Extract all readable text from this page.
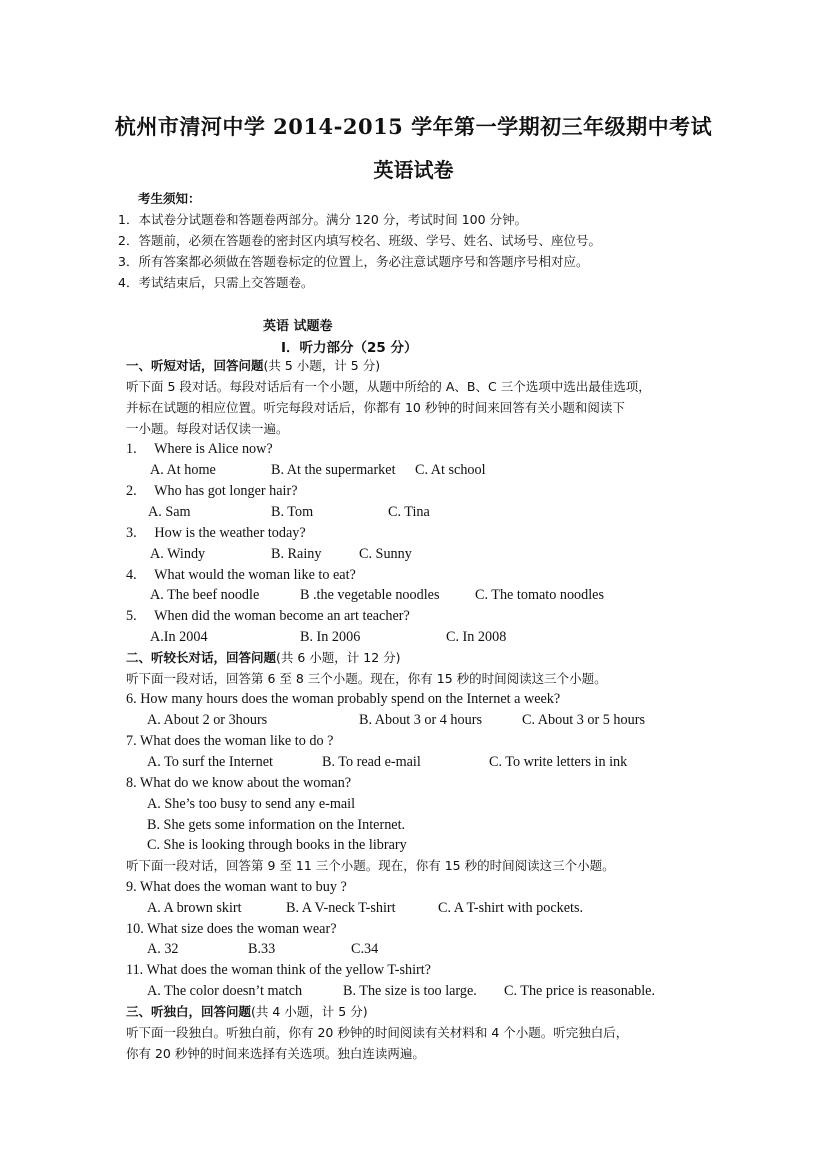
杭州市清河中学 2014-2015 学年第一学期初三年级期中考试
英语试卷
考生须知：
1．本试卷分试题卷和答题卷两部分。满分 120 分，考试时间 100 分钟。
2．答题前，必须在答题卷的密封区内填写校名、班级、学号、姓名、试场号、座位号。
3．所有答案都必须做在答题卷标定的位置上，务必注意试题序号和答题序号相对应。
4．考试结束后，只需上交答题卷。
英语 试题卷
I．听力部分（25 分）
一、听短对话，回答问题(共 5 小题，计 5 分)
听下面 5 段对话。每段对话后有一个小题，从题中所给的 A、B、C 三个选项中选出最佳选项，
并标在试题的相应位置。听完每段对话后，你都有 10 秒钟的时间来回答有关小题和阅读下
一小题。每段对话仅读一遍。
1.     Where is Alice now?
A. At home	B. At the supermarket C. At school
2.     Who has got longer hair?
A. Sam	B. Tom	C. Tina
3.     How is the weather today?
A. Windy	B. Rainy	C. Sunny
4.     What would the woman like to eat?
A. The beef noodle	B .the vegetable noodles	C. The tomato noodles
5.     When did the woman become an art teacher?
A.In 2004	B. In 2006	C. In 2008
二、听较长对话，回答问题(共 6 小题，计 12 分)
听下面一段对话，回答第 6 至 8 三个小题。现在，你有 15 秒的时间阅读这三个小题。
6. How many hours does the woman probably spend on the Internet a week?
A. About 2 or 3hours	B. About 3 or 4 hours	C. About 3 or 5 hours
7. What does the woman like to do ?
A. To surf the Internet	B. To read e-mail	C. To write letters in ink
8. What do we know about the woman?
A. She’s too busy to send any e-mail
B. She gets some information on the Internet.
C. She is looking through books in the library
听下面一段对话，回答第 9 至 11 三个小题。现在，你有 15 秒的时间阅读这三个小题。
9. What does the woman want to buy ?
A. A brown skirt	B. A V-neck T-shirt	C. A T-shirt with pockets.
10. What size does the woman wear?
A. 32	B.33	C.34
11. What does the woman think of the yellow T-shirt?
A. The color doesn’t match	B. The size is too large. C. The price is reasonable.
三、听独白，回答问题(共 4 小题，计 5 分)
听下面一段独白。听独白前，你有 20 秒钟的时间阅读有关材料和 4 个小题。听完独白后，
你有 20 秒钟的时间来选择有关选项。独白连读两遍。
